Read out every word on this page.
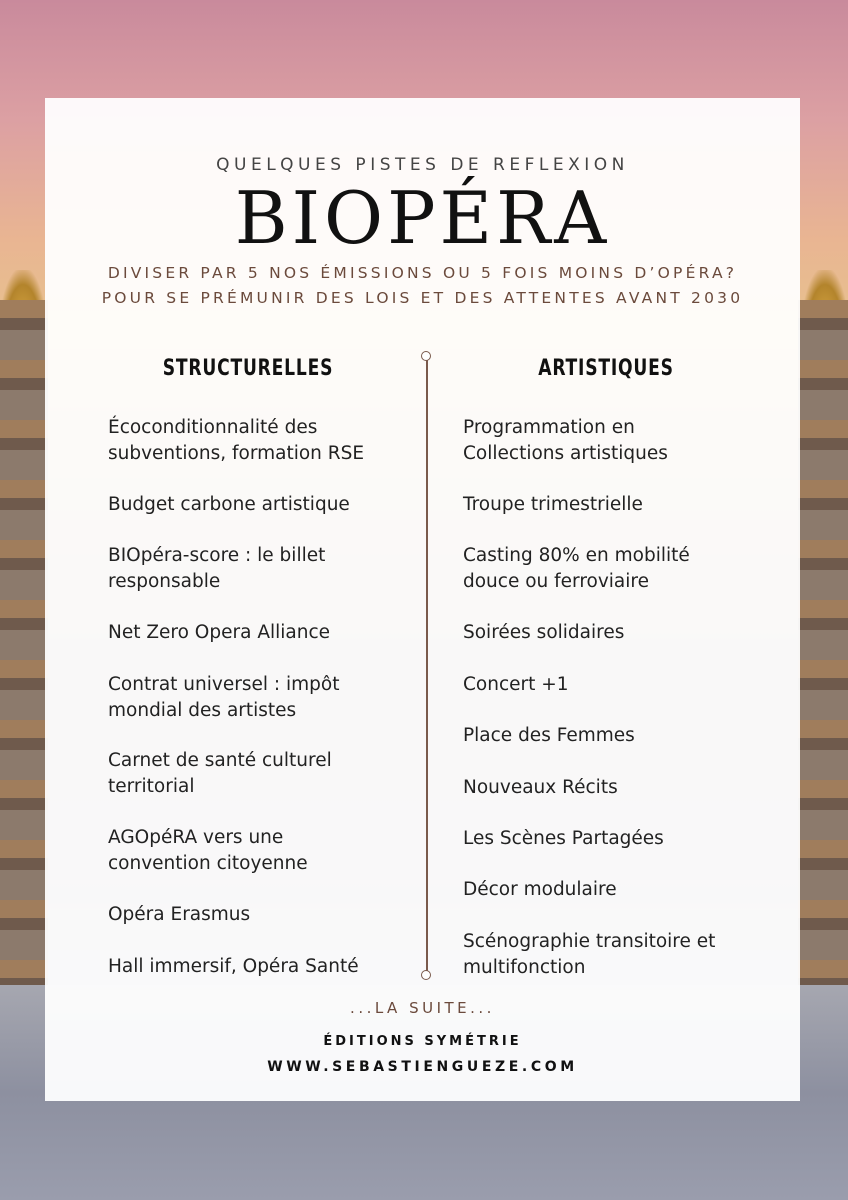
QUELQUES PISTES DE REFLEXION
BIOPÉRA
DIVISER PAR 5 NOS ÉMISSIONS OU 5 FOIS MOINS D’OPÉRA?
POUR SE PRÉMUNIR DES LOIS ET DES ATTENTES AVANT 2030
STRUCTURELLES	ARTISTIQUES
Écoconditionnalité des
subventions, formation RSE
Budget carbone artistique
BIOpéra-score : le billet
responsable
Net Zero Opera Alliance
Contrat universel : impôt
mondial des artistes
Carnet de santé culturel
territorial
AGOpéRA vers une
convention citoyenne
Opéra Erasmus
Hall immersif, Opéra Santé
Programmation en
Collections artistiques
Troupe trimestrielle
Casting 80% en mobilité
douce ou ferroviaire
Soirées solidaires
Concert +1
Place des Femmes
Nouveaux Récits
Les Scènes Partagées
Décor modulaire
Scénographie transitoire et
multifonction
...LA SUITE...
ÉDITIONS SYMÉTRIE
WWW.SEBASTIENGUEZE.COM
